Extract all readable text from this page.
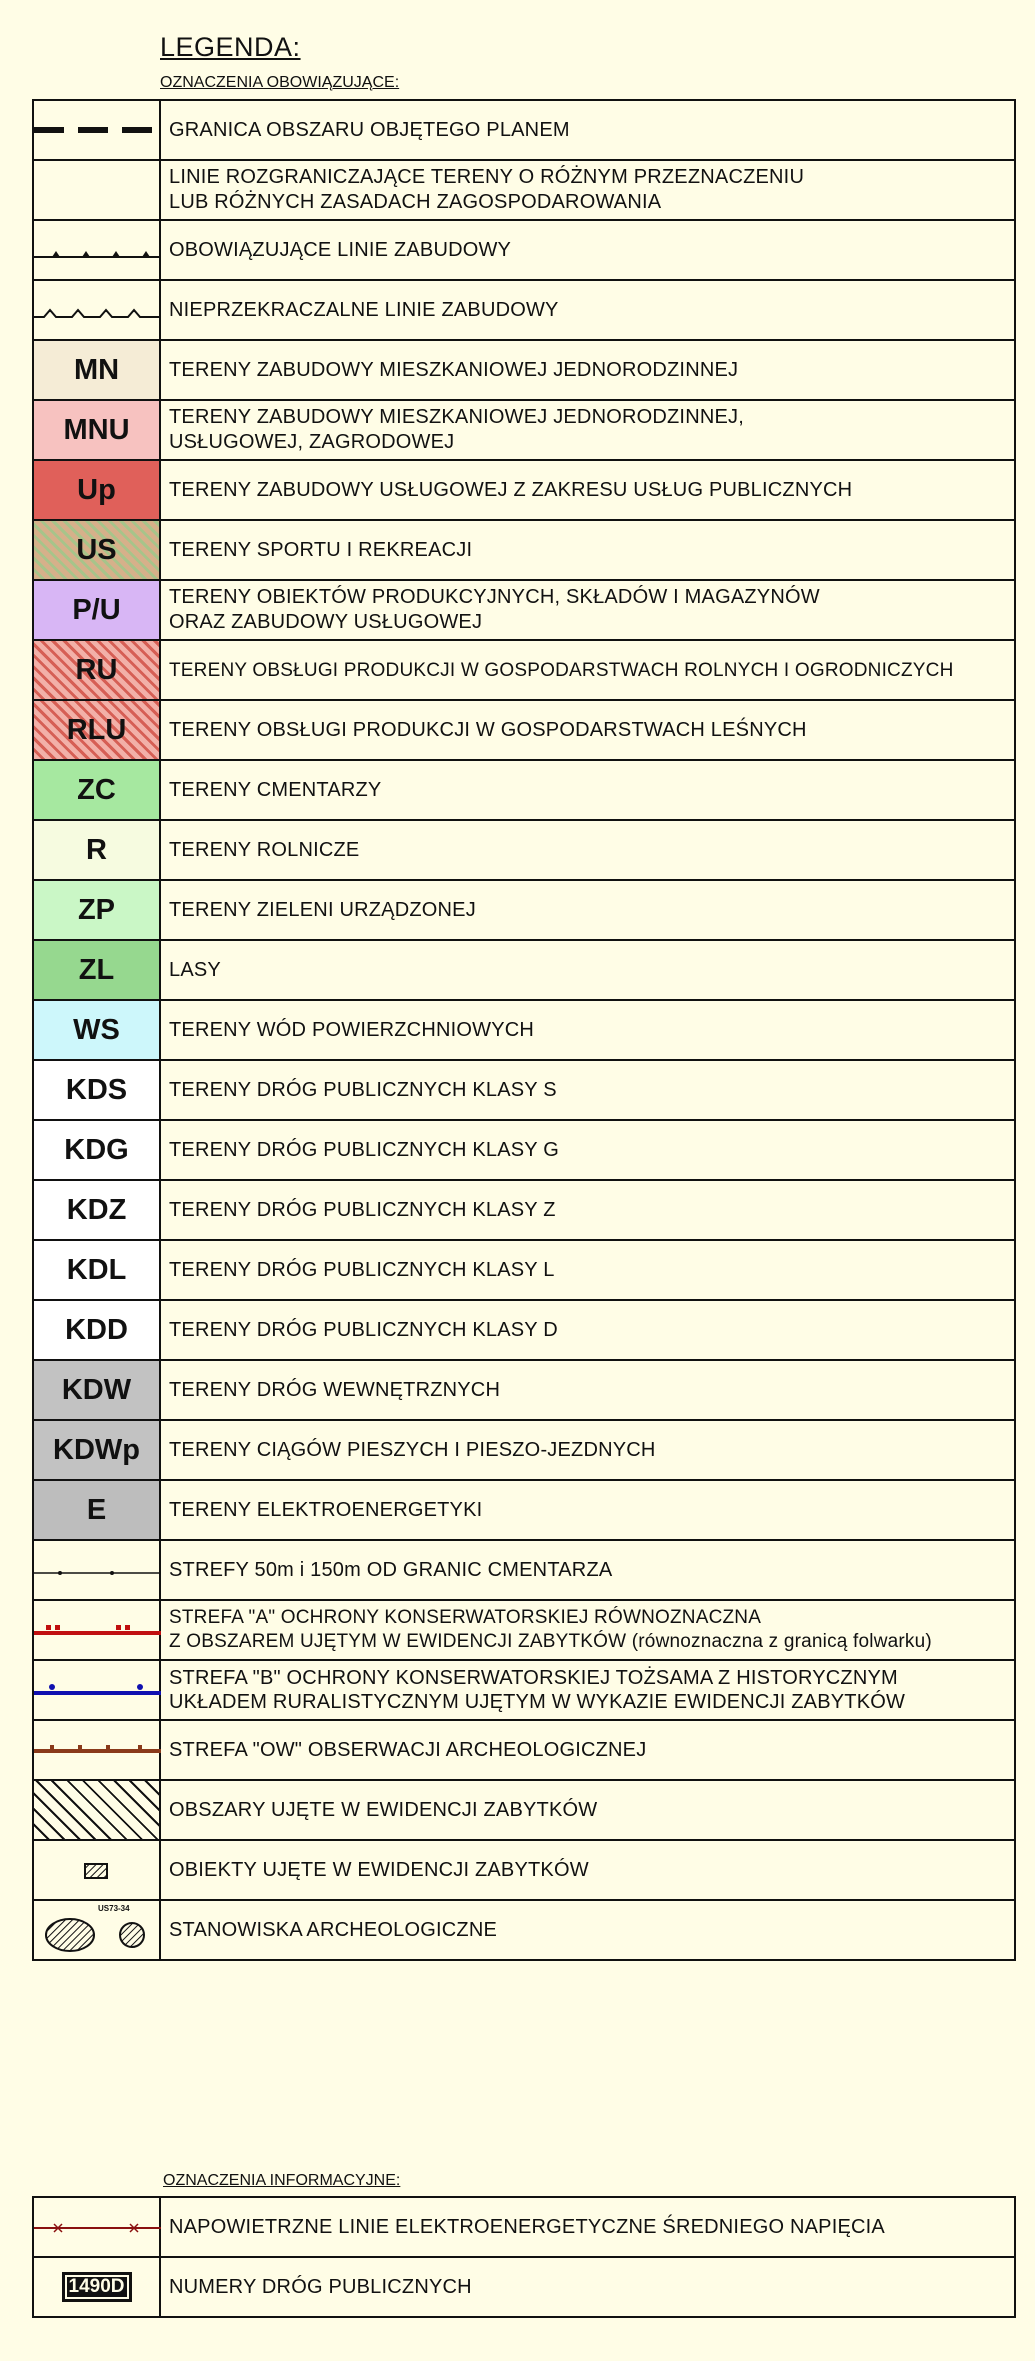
LEGENDA:
OZNACZENIA OBOWIĄZUJĄCE:
	GRANICA OBSZARU OBJĘTEGO PLANEM

	LINIE ROZGRANICZAJĄCE TERENY O RÓŻNYM PRZEZNACZENIU
LUB RÓŻNYCH ZASADACH ZAGOSPODAROWANIA

	OBOWIĄZUJĄCE LINIE ZABUDOWY

	NIEPRZEKRACZALNE LINIE ZABUDOWY

MN	TERENY ZABUDOWY MIESZKANIOWEJ JEDNORODZINNEJ

MNU	TERENY ZABUDOWY MIESZKANIOWEJ JEDNORODZINNEJ,
USŁUGOWEJ, ZAGRODOWEJ

Up	TERENY ZABUDOWY USŁUGOWEJ Z ZAKRESU USŁUG PUBLICZNYCH

US	TERENY SPORTU I REKREACJI

P/U	TERENY OBIEKTÓW PRODUKCYJNYCH, SKŁADÓW I MAGAZYNÓW
ORAZ ZABUDOWY USŁUGOWEJ

RU	TERENY OBSŁUGI PRODUKCJI W GOSPODARSTWACH ROLNYCH I OGRODNICZYCH

RLU	TERENY OBSŁUGI PRODUKCJI W GOSPODARSTWACH LEŚNYCH

ZC	TERENY CMENTARZY

R	TERENY ROLNICZE

ZP	TERENY ZIELENI URZĄDZONEJ

ZL	LASY

WS	TERENY WÓD POWIERZCHNIOWYCH

KDS	TERENY DRÓG PUBLICZNYCH KLASY S

KDG	TERENY DRÓG PUBLICZNYCH KLASY G

KDZ	TERENY DRÓG PUBLICZNYCH KLASY Z

KDL	TERENY DRÓG PUBLICZNYCH KLASY L

KDD	TERENY DRÓG PUBLICZNYCH KLASY D

KDW	TERENY DRÓG WEWNĘTRZNYCH

KDWp	TERENY CIĄGÓW PIESZYCH I PIESZO-JEZDNYCH

E	TERENY ELEKTROENERGETYKI

	STREFY 50m i 150m OD GRANIC CMENTARZA

STREFA "A" OCHRONY KONSERWATORSKIEJ RÓWNOZNACZNA
Z OBSZAREM UJĘTYM W EWIDENCJI ZABYTKÓW (równoznaczna z granicą folwarku)

STREFA "B" OCHRONY KONSERWATORSKIEJ TOŻSAMA Z HISTORYCZNYM
UKŁADEM RURALISTYCZNYM UJĘTYM W WYKAZIE EWIDENCJI ZABYTKÓW

	STREFA "OW" OBSERWACJI ARCHEOLOGICZNEJ

	OBSZARY UJĘTE W EWIDENCJI ZABYTKÓW

	OBIEKTY UJĘTE W EWIDENCJI ZABYTKÓW

US73-34	STANOWISKA ARCHEOLOGICZNE
OZNACZENIA INFORMACYJNE:
	NAPOWIETRZNE LINIE ELEKTROENERGETYCZNE ŚREDNIEGO NAPIĘCIA

1490D	NUMERY DRÓG PUBLICZNYCH
